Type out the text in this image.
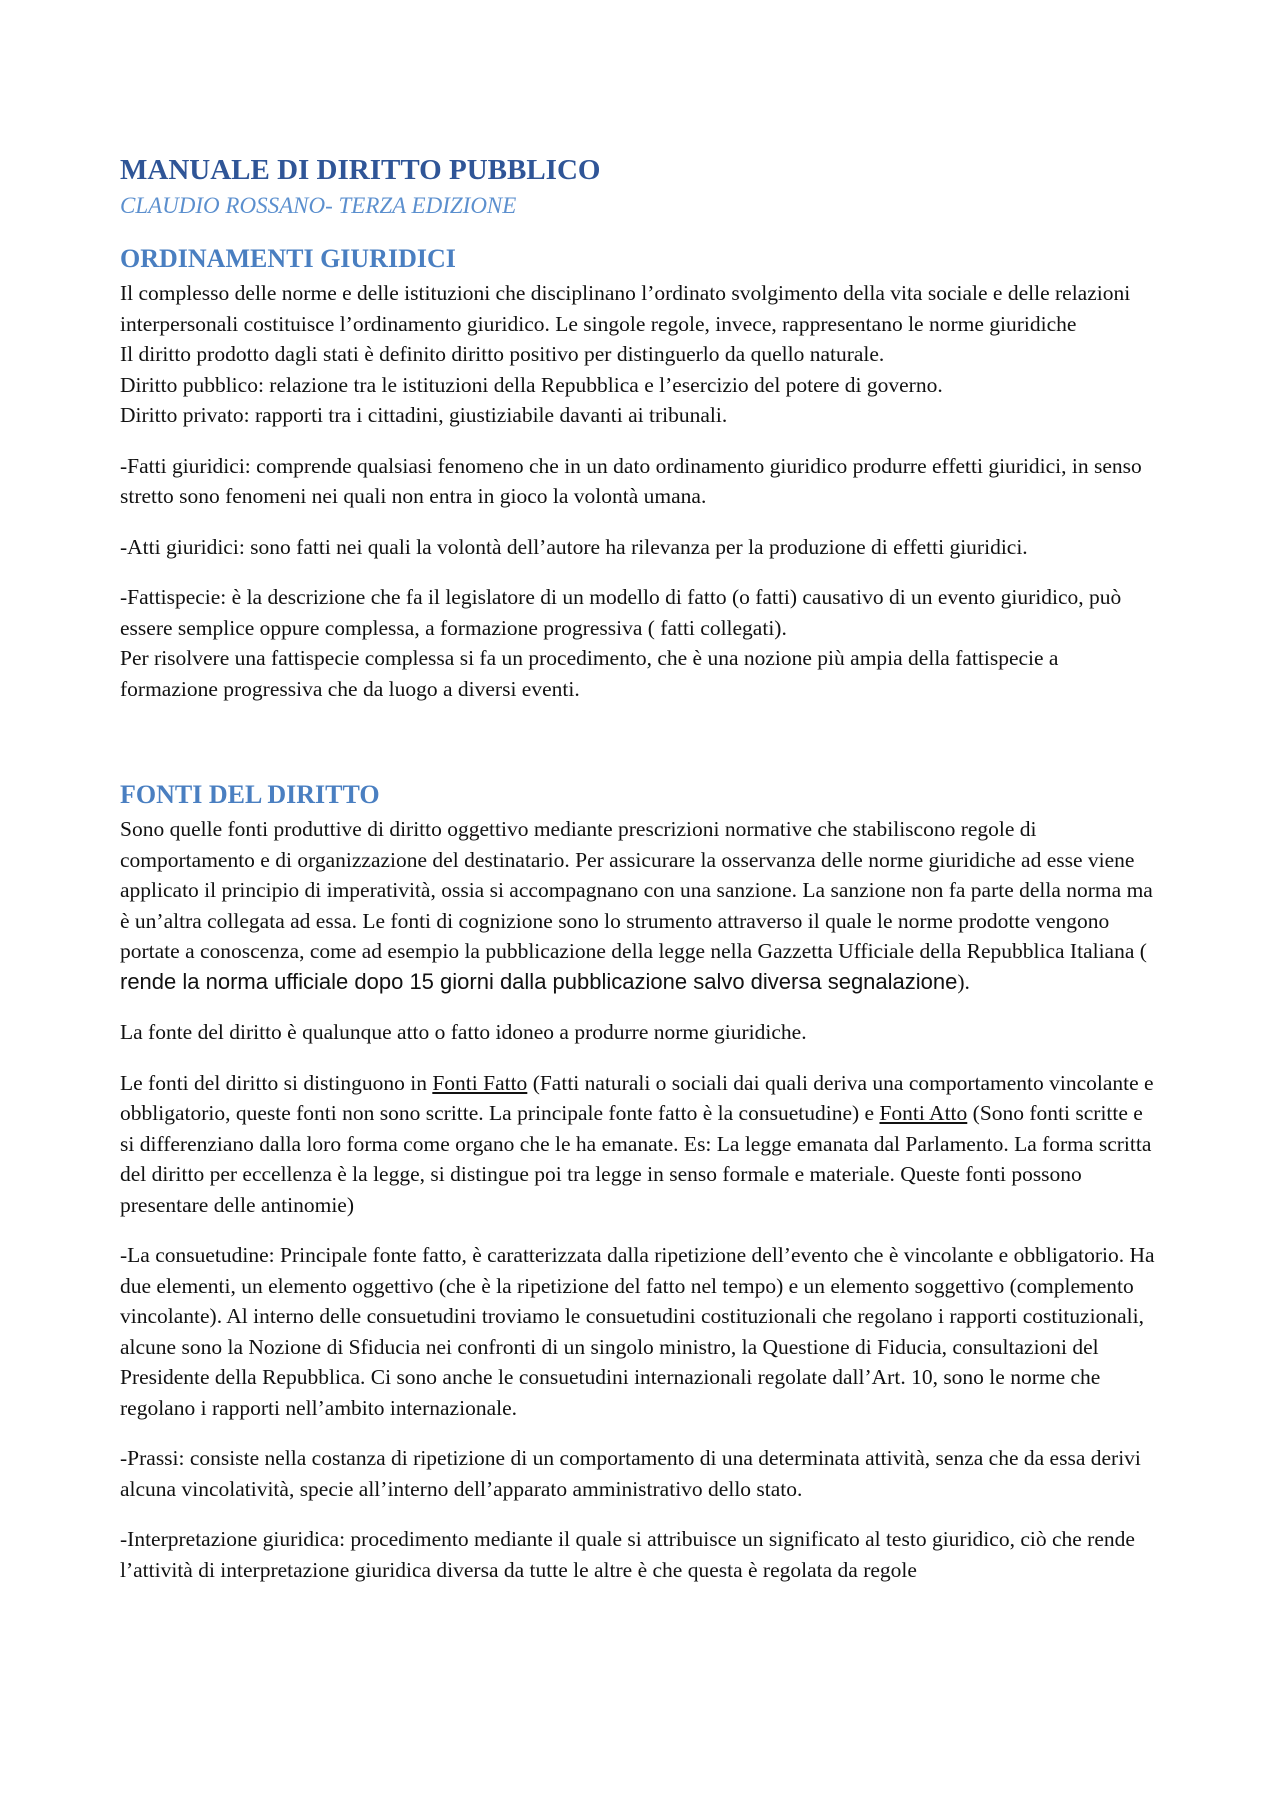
MANUALE DI DIRITTO PUBBLICO
CLAUDIO ROSSANO- TERZA EDIZIONE
ORDINAMENTI GIURIDICI

Il complesso delle norme e delle istituzioni che disciplinano l’ordinato svolgimento della vita sociale e delle relazioni interpersonali costituisce l’ordinamento giuridico. Le singole regole, invece, rappresentano le norme giuridiche

Il diritto prodotto dagli stati è definito diritto positivo per distinguerlo da quello naturale.

Diritto pubblico: relazione tra le istituzioni della Repubblica e l’esercizio del potere di governo.

Diritto privato: rapporti tra i cittadini, giustiziabile davanti ai tribunali.

-Fatti giuridici: comprende qualsiasi fenomeno che in un dato ordinamento giuridico produrre effetti giuridici, in senso stretto sono fenomeni nei quali non entra in gioco la volontà umana.

-Atti giuridici: sono fatti nei quali la volontà dell’autore ha rilevanza per la produzione di effetti giuridici.

-Fattispecie: è la descrizione che fa il legislatore di un modello di fatto (o fatti) causativo di un evento giuridico, può essere semplice oppure complessa, a formazione progressiva ( fatti collegati).

Per risolvere una fattispecie complessa si fa un procedimento, che è una nozione più ampia della fattispecie a formazione progressiva che da luogo a diversi eventi.

FONTI DEL DIRITTO

Sono quelle fonti produttive di diritto oggettivo mediante prescrizioni normative che stabiliscono regole di comportamento e di organizzazione del destinatario. Per assicurare la osservanza delle norme giuridiche ad esse viene applicato il principio di imperatività, ossia si accompagnano con una sanzione. La sanzione non fa parte della norma ma è un’altra collegata ad essa. Le fonti di cognizione sono lo strumento attraverso il quale le norme prodotte vengono portate a conoscenza, come ad esempio la pubblicazione della legge nella Gazzetta Ufficiale della Repubblica Italiana ( rende la norma ufficiale dopo 15 giorni dalla pubblicazione salvo diversa segnalazione).

La fonte del diritto è qualunque atto o fatto idoneo a produrre norme giuridiche.

Le fonti del diritto si distinguono in Fonti Fatto (Fatti naturali o sociali dai quali deriva una comportamento vincolante e obbligatorio, queste fonti non sono scritte. La principale fonte fatto è la consuetudine) e Fonti Atto (Sono fonti scritte e si differenziano dalla loro forma come organo che le ha emanate. Es: La legge emanata dal Parlamento. La forma scritta del diritto per eccellenza è la legge, si distingue poi tra legge in senso formale e materiale. Queste fonti possono presentare delle antinomie)

-La consuetudine: Principale fonte fatto, è caratterizzata dalla ripetizione dell’evento che è vincolante e obbligatorio. Ha due elementi, un elemento oggettivo (che è la ripetizione del fatto nel tempo) e un elemento soggettivo (complemento vincolante). Al interno delle consuetudini troviamo le consuetudini costituzionali che regolano i rapporti costituzionali, alcune sono la Nozione di Sfiducia nei confronti di un singolo ministro, la Questione di Fiducia, consultazioni del Presidente della Repubblica. Ci sono anche le consuetudini internazionali regolate dall’Art. 10, sono le norme che regolano i rapporti nell’ambito internazionale.

-Prassi: consiste nella costanza di ripetizione di un comportamento di una determinata attività, senza che da essa derivi alcuna vincolatività, specie all’interno dell’apparato amministrativo dello stato.

-Interpretazione giuridica: procedimento mediante il quale si attribuisce un significato al testo giuridico, ciò che rende l’attività di interpretazione giuridica diversa da tutte le altre è che questa è regolata da regole
